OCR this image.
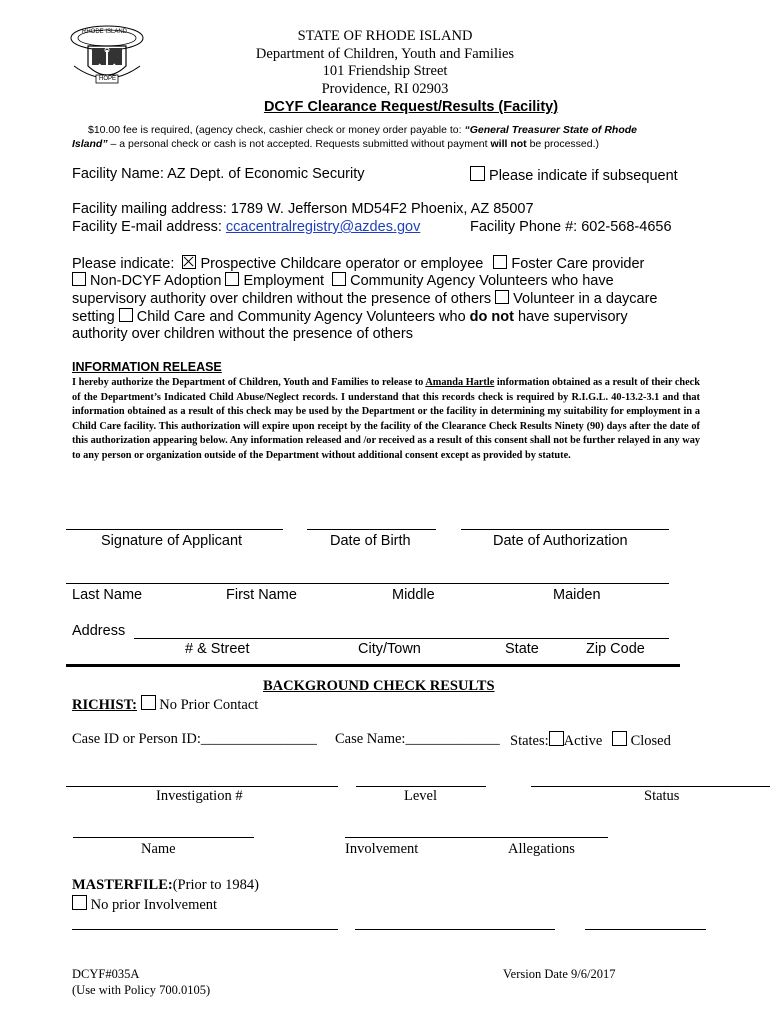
RHODE ISLAND
HOPE
STATE OF RHODE ISLAND
Department of Children, Youth and Families
101 Friendship Street
Providence, RI 02903
DCYF Clearance Request/Results (Facility)
$10.00 fee is required, (agency check, cashier check or money order payable to: “General Treasurer State of Rhode
Island” – a personal check or cash is not accepted. Requests submitted without payment will not be processed.)
Facility Name: AZ Dept. of Economic Security	Please indicate if subsequent
Facility mailing address: 1789 W. Jefferson MD54F2 Phoenix, AZ 85007
Facility E-mail address: ccacentralregistry@azdes.gov	Facility Phone #: 602-568-4656
Please indicate: Prospective Childcare operator or employee Foster Care provider
Non-DCYF Adoption Employment Community Agency Volunteers who have
supervisory authority over children without the presence of others Volunteer in a daycare
setting Child Care and Community Agency Volunteers who do not have supervisory
authority over children without the presence of others
INFORMATION RELEASE
I hereby authorize the Department of Children, Youth and Families to release to Amanda Hartle information obtained as a result of their check of the Department’s Indicated Child Abuse/Neglect records. I understand that this records check is required by R.I.G.L. 40-13.2-3.1 and that information obtained as a result of this check may be used by the Department or the facility in determining my suitability for employment in a Child Care facility. This authorization will expire upon receipt by the facility of the Clearance Check Results Ninety (90) days after the date of this authorization appearing below. Any information released and /or received as a result of this consent shall not be further relayed in any way to any person or organization outside of the Department without additional consent except as provided by statute.
Signature of Applicant	Date of Birth	Date of Authorization
Last Name	First Name	Middle	Maiden
Address
# & Street	City/Town	State	Zip Code
BACKGROUND CHECK RESULTS
RICHIST: No Prior Contact
Case ID or Person ID:________________ Case Name:_____________ States: Active Closed
Investigation #	Level	Status
Name	Involvement	Allegations
MASTERFILE:(Prior to 1984)
No prior Involvement
DCYF#035A
(Use with Policy 700.0105)
Version Date 9/6/2017
